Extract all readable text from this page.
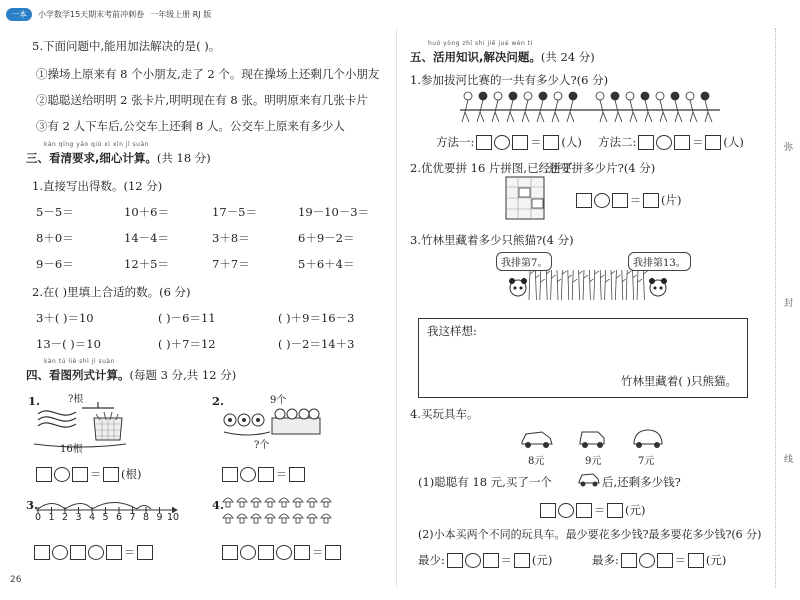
一本	小学数学15天期末考前冲刺卷 一年级上册 RJ 版
5.下面问题中,能用加法解决的是( )。
①操场上原来有 8 个小朋友,走了 2 个。现在操场上还剩几个小朋友
②聪聪送给明明 2 张卡片,明明现在有 8 张。明明原来有几张卡片
③有 2 人下车后,公交车上还剩 8 人。公交车上原来有多少人
kàn qīng yāo qiú xì xīn jì suàn
三、看清要求,细心计算。(共 18 分)
1.直接写出得数。(12 分)
5－5＝	10＋6＝	17－5＝	19－10－3＝
8＋0＝	14－4＝	3＋8＝	6＋9－2＝
9－6＝	12＋5＝	7＋7＝	5＋6＋4＝
2.在( )里填上合适的数。(6 分)
3＋( )＝10	( )－6＝11	( )＋9＝16－3
13－( )＝10	( )＋7＝12	( )－2＝14＋3
kàn tú liè shì jì suàn
四、看图列式计算。(每题 3 分,共 12 分)
1.	?根
16根
＝ (根)
2.	9个
?个
＝
3.
0 1 2 3 4 5 6 7 8 9 10
＝
4.
＝
26
huó yòng zhī shi jiě jué wèn tí
五、活用知识,解决问题。(共 24 分)
1.参加拔河比赛的一共有多少人?(6 分)
方法一:	＝ (人) 方法二:	＝ (人)
2.优优要拼 16 片拼图,已经拼了
,还要拼多少片?(4 分)
＝ (片)
3.竹林里藏着多少只熊猫?(4 分)
我排第7。	我排第13。
我这样想:
竹林里藏着( )只熊猫。
4.买玩具车。
8元	9元	7元
(1)聪聪有 18 元,买了一个	后,还剩多少钱?
＝ (元)
(2)小本买两个不同的玩具车。最少要花多少钱?最多要花多少钱?(6 分)
最少:	＝ (元)	最多:	＝ (元)
弥
封
线
